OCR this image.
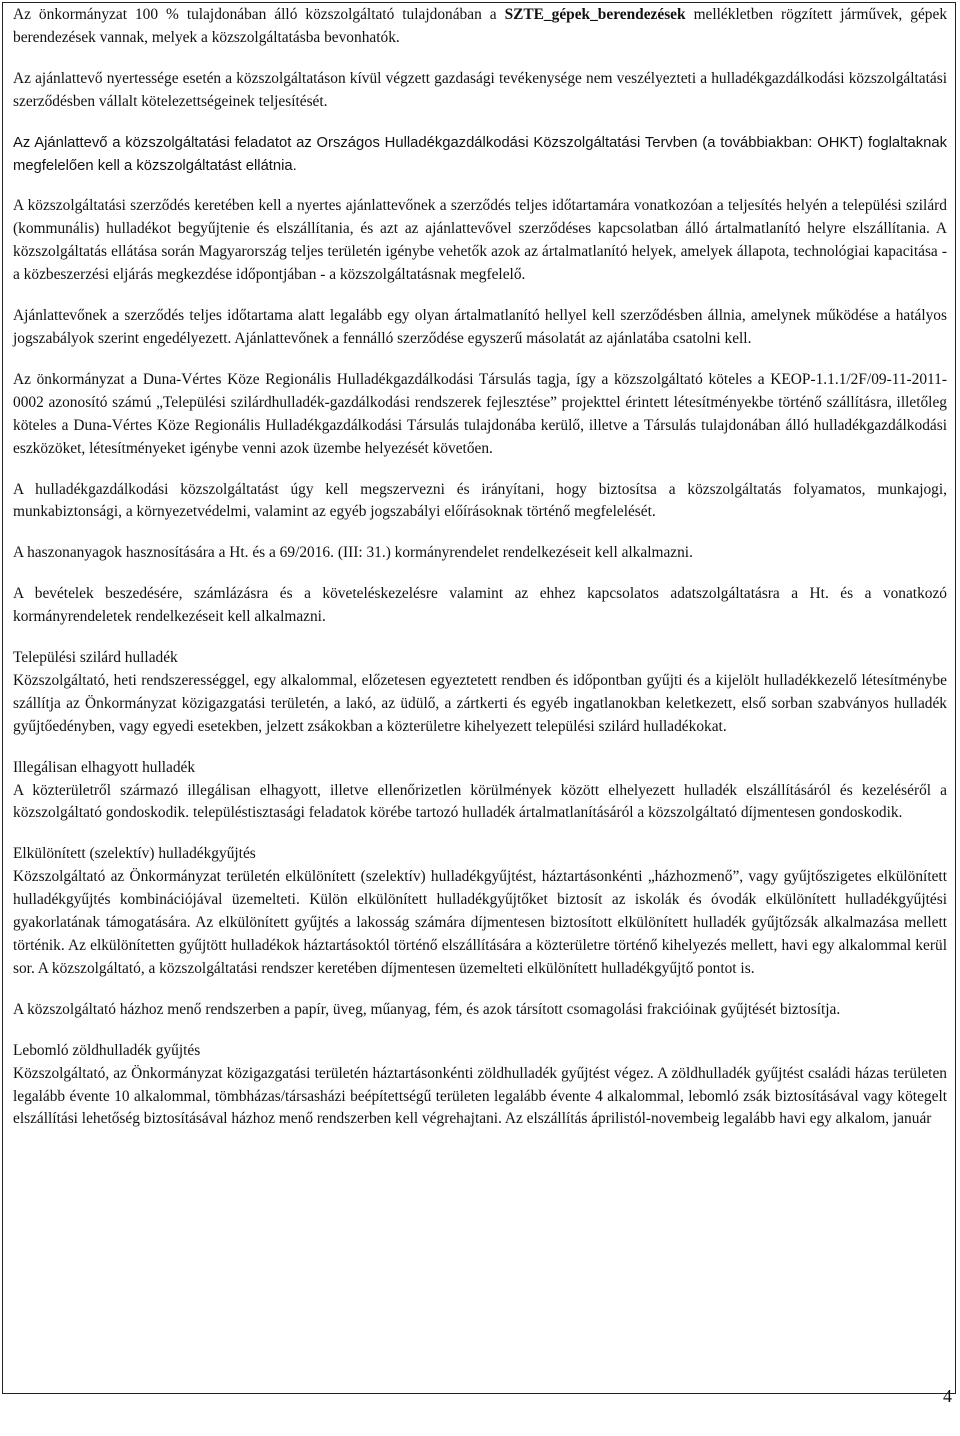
Az önkormányzat 100 % tulajdonában álló közszolgáltató tulajdonában a SZTE_gépek_berendezések mellékletben rögzített járművek, gépek berendezések vannak, melyek a közszolgáltatásba bevonhatók.

Az ajánlattevő nyertessége esetén a közszolgáltatáson kívül végzett gazdasági tevékenysége nem veszélyezteti a hulladékgazdálkodási közszolgáltatási szerződésben vállalt kötelezettségeinek teljesítését.

Az Ajánlattevő a közszolgáltatási feladatot az Országos Hulladékgazdálkodási Közszolgáltatási Tervben (a továbbiakban: OHKT) foglaltaknak megfelelően kell a közszolgáltatást ellátnia.

A közszolgáltatási szerződés keretében kell a nyertes ajánlattevőnek a szerződés teljes időtartamára vonatkozóan a teljesítés helyén a települési szilárd (kommunális) hulladékot begyűjtenie és elszállítania, és azt az ajánlattevővel szerződéses kapcsolatban álló ártalmatlanító helyre elszállítania. A közszolgáltatás ellátása során Magyarország teljes területén igénybe vehetők azok az ártalmatlanító helyek, amelyek állapota, technológiai kapacitása - a közbeszerzési eljárás megkezdése időpontjában - a közszolgáltatásnak megfelelő.

Ajánlattevőnek a szerződés teljes időtartama alatt legalább egy olyan ártalmatlanító hellyel kell szerződésben állnia, amelynek működése a hatályos jogszabályok szerint engedélyezett. Ajánlattevőnek a fennálló szerződése egyszerű másolatát az ajánlatába csatolni kell.

Az önkormányzat a Duna-Vértes Köze Regionális Hulladékgazdálkodási Társulás tagja, így a közszolgáltató köteles a KEOP-1.1.1/2F/09-11-2011-0002 azonosító számú „Települési szilárdhulladék-gazdálkodási rendszerek fejlesztése” projekttel érintett létesítményekbe történő szállításra, illetőleg köteles a Duna-Vértes Köze Regionális Hulladékgazdálkodási Társulás tulajdonába kerülő, illetve a Társulás tulajdonában álló hulladékgazdálkodási eszközöket, létesítményeket igénybe venni azok üzembe helyezését követően.

A hulladékgazdálkodási közszolgáltatást úgy kell megszervezni és irányítani, hogy biztosítsa a közszolgáltatás folyamatos, munkajogi, munkabiztonsági, a környezetvédelmi, valamint az egyéb jogszabályi előírásoknak történő megfelelését.

A haszonanyagok hasznosítására a Ht. és a 69/2016. (III: 31.) kormányrendelet rendelkezéseit kell alkalmazni.

A bevételek beszedésére, számlázásra és a követeléskezelésre valamint az ehhez kapcsolatos adatszolgáltatásra a Ht. és a vonatkozó kormányrendeletek rendelkezéseit kell alkalmazni.

Települési szilárd hulladék
Közszolgáltató, heti rendszerességgel, egy alkalommal, előzetesen egyeztetett rendben és időpontban gyűjti és a kijelölt hulladékkezelő létesítménybe szállítja az Önkormányzat közigazgatási területén, a lakó, az üdülő, a zártkerti és egyéb ingatlanokban keletkezett, első sorban szabványos hulladék gyűjtőedényben, vagy egyedi esetekben, jelzett zsákokban a közterületre kihelyezett települési szilárd hulladékokat.

Illegálisan elhagyott hulladék
A közterületről származó illegálisan elhagyott, illetve ellenőrizetlen körülmények között elhelyezett hulladék elszállításáról és kezeléséről a közszolgáltató gondoskodik. településtisztasági feladatok körébe tartozó hulladék ártalmatlanításáról a közszolgáltató díjmentesen gondoskodik.

Elkülönített (szelektív) hulladékgyűjtés
Közszolgáltató az Önkormányzat területén elkülönített (szelektív) hulladékgyűjtést, háztartásonkénti „házhozmenő”, vagy gyűjtőszigetes elkülönített hulladékgyűjtés kombinációjával üzemelteti. Külön elkülönített hulladékgyűjtőket biztosít az iskolák és óvodák elkülönített hulladékgyűjtési gyakorlatának támogatására. Az elkülönített gyűjtés a lakosság számára díjmentesen biztosított elkülönített hulladék gyűjtőzsák alkalmazása mellett történik. Az elkülönítetten gyűjtött hulladékok háztartásoktól történő elszállítására a közterületre történő kihelyezés mellett, havi egy alkalommal kerül sor. A közszolgáltató, a közszolgáltatási rendszer keretében díjmentesen üzemelteti elkülönített hulladékgyűjtő pontot is.

A közszolgáltató házhoz menő rendszerben a papír, üveg, műanyag, fém, és azok társított csomagolási frakcióinak gyűjtését biztosítja.

Lebomló zöldhulladék gyűjtés
Közszolgáltató, az Önkormányzat közigazgatási területén háztartásonkénti zöldhulladék gyűjtést végez. A zöldhulladék gyűjtést családi házas területen legalább évente 10 alkalommal, tömbházas/társasházi beépítettségű területen legalább évente 4 alkalommal, lebomló zsák biztosításával vagy kötegelt elszállítási lehetőség biztosításával házhoz menő rendszerben kell végrehajtani. Az elszállítás áprilistól-novembeig legalább havi egy alkalom, január

4
